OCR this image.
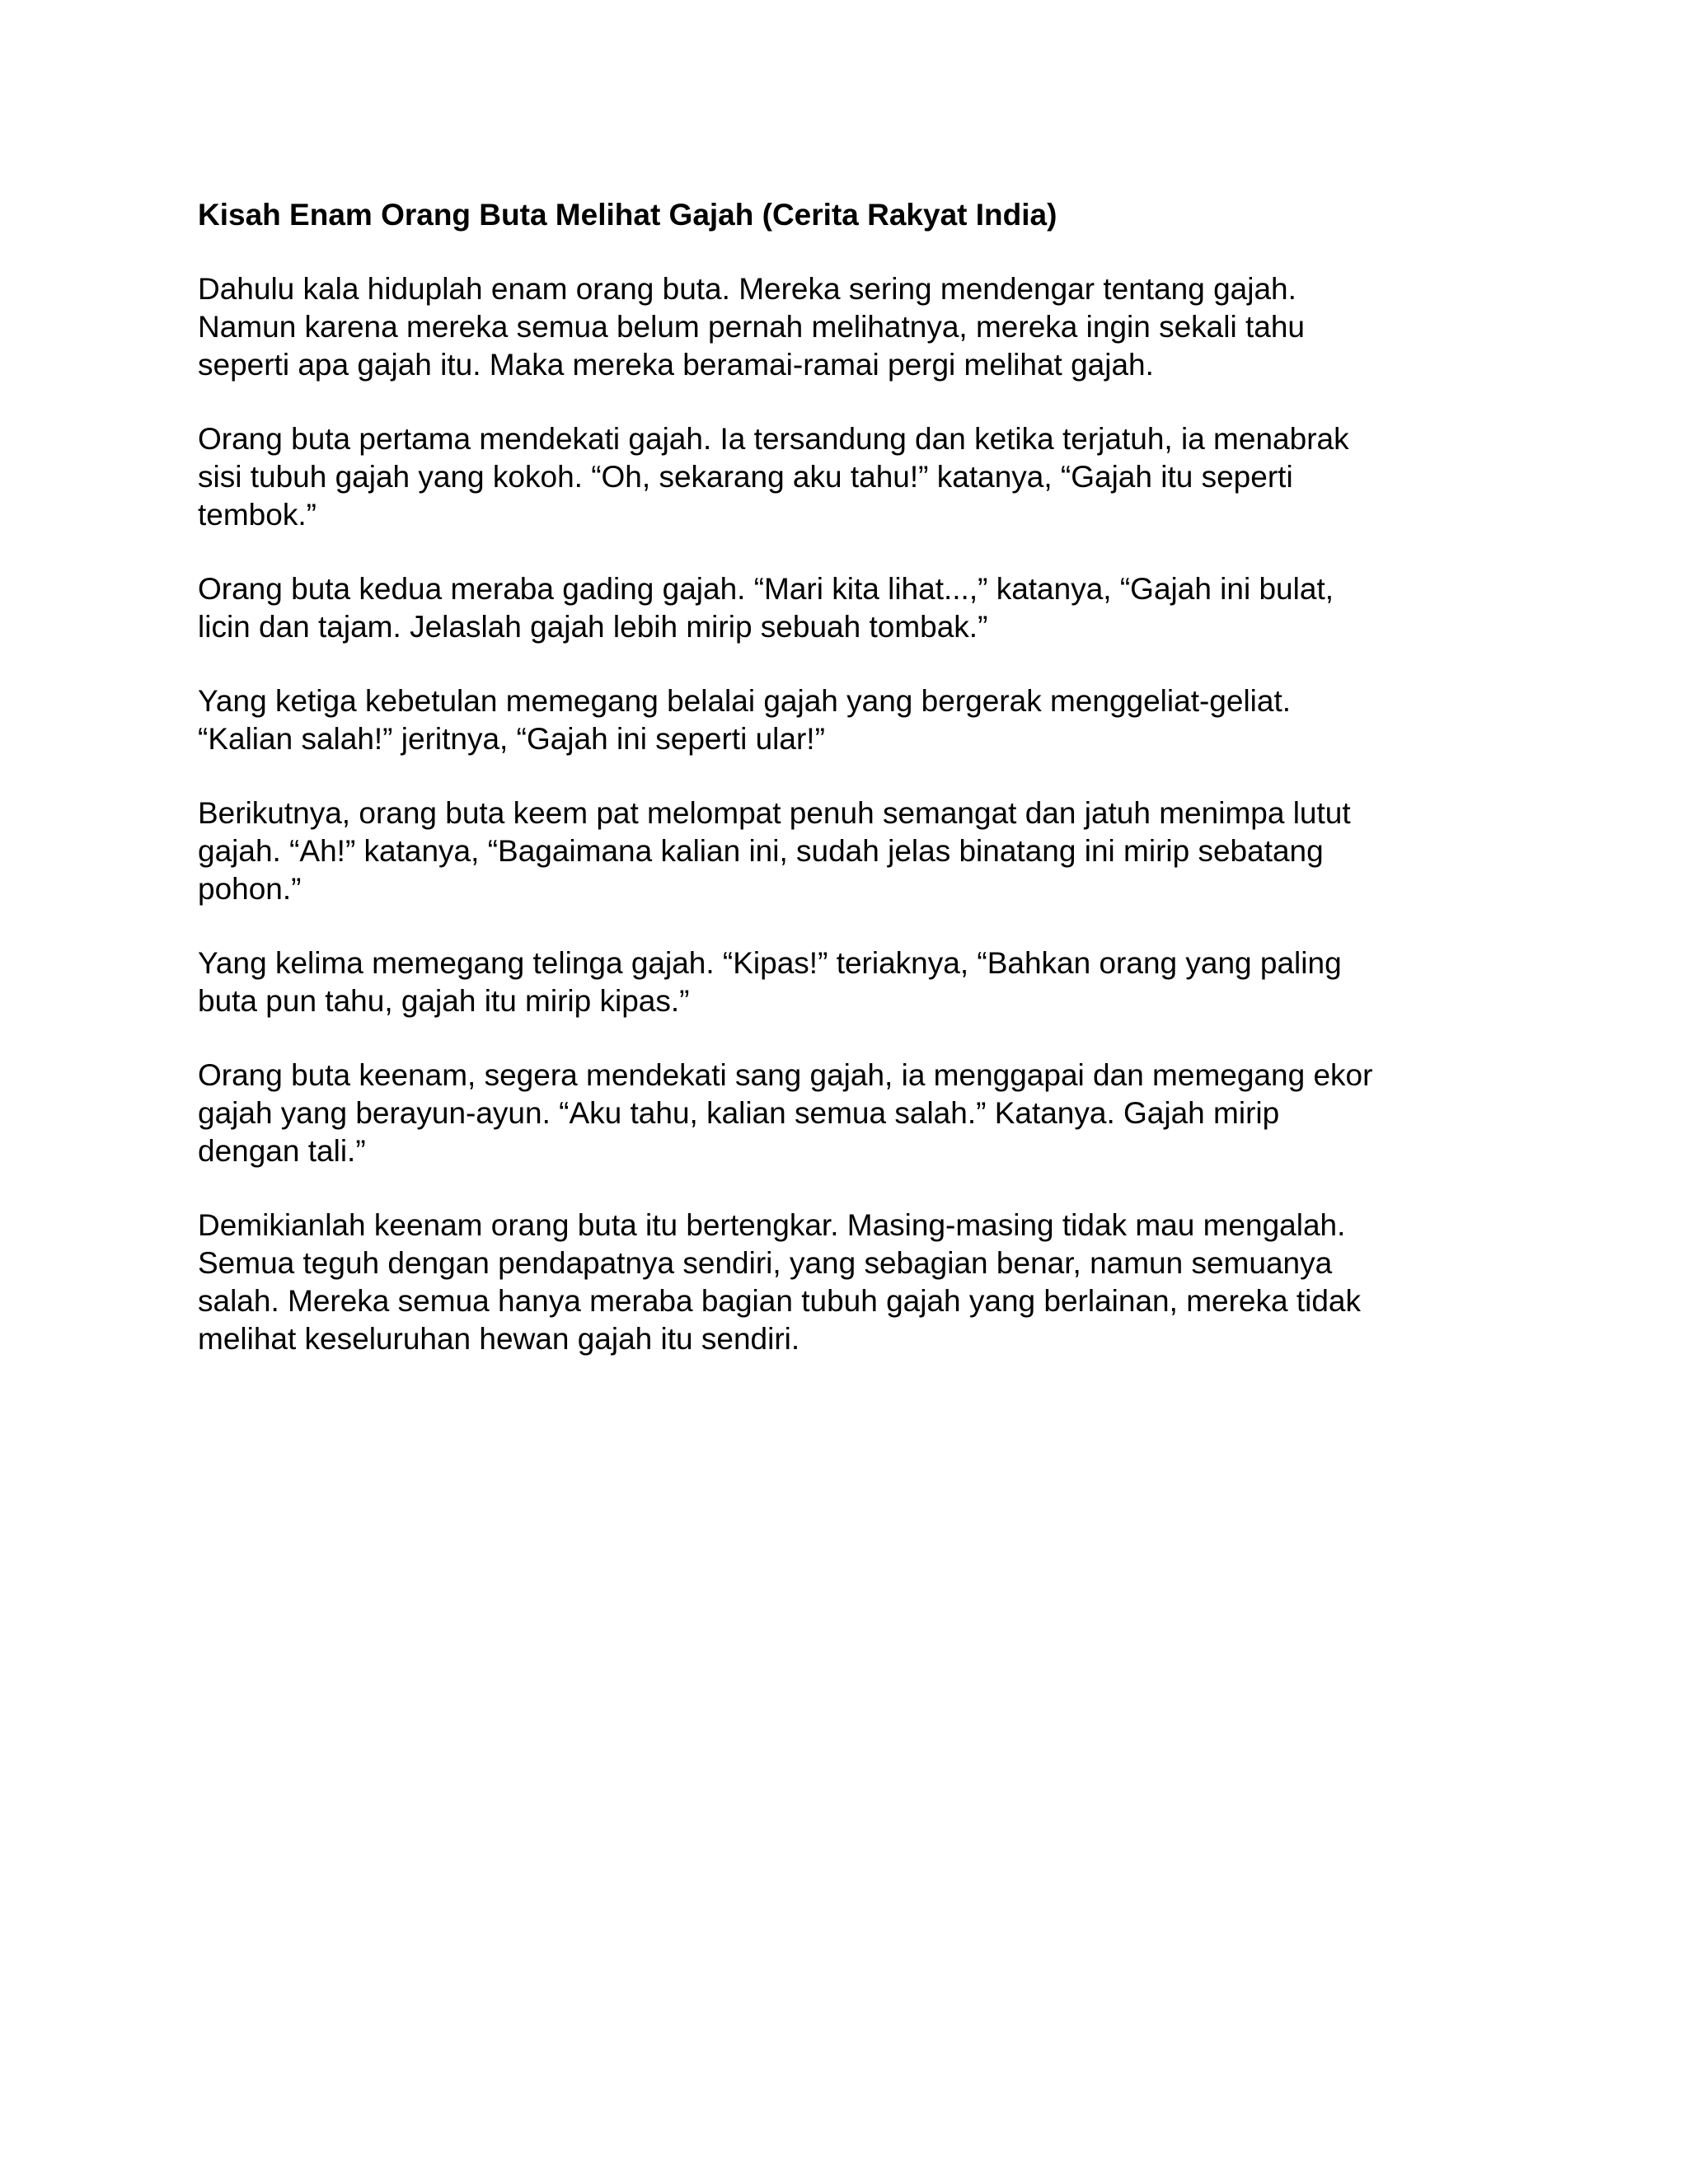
Kisah Enam Orang Buta Melihat Gajah (Cerita Rakyat India)

Dahulu kala hiduplah enam orang buta. Mereka sering mendengar tentang gajah.
Namun karena mereka semua belum pernah melihatnya, mereka ingin sekali tahu
seperti apa gajah itu. Maka mereka beramai-ramai pergi melihat gajah.

Orang buta pertama mendekati gajah. Ia tersandung dan ketika terjatuh, ia menabrak
sisi tubuh gajah yang kokoh. “Oh, sekarang aku tahu!” katanya, “Gajah itu seperti
tembok.”

Orang buta kedua meraba gading gajah. “Mari kita lihat...,” katanya, “Gajah ini bulat,
licin dan tajam. Jelaslah gajah lebih mirip sebuah tombak.”

Yang ketiga kebetulan memegang belalai gajah yang bergerak menggeliat-geliat.
“Kalian salah!” jeritnya, “Gajah ini seperti ular!”

Berikutnya, orang buta keem pat melompat penuh semangat dan jatuh menimpa lutut
gajah. “Ah!” katanya, “Bagaimana kalian ini, sudah jelas binatang ini mirip sebatang
pohon.”

Yang kelima memegang telinga gajah. “Kipas!” teriaknya, “Bahkan orang yang paling
buta pun tahu, gajah itu mirip kipas.”

Orang buta keenam, segera mendekati sang gajah, ia menggapai dan memegang ekor
gajah yang berayun-ayun. “Aku tahu, kalian semua salah.” Katanya. Gajah mirip
dengan tali.”

Demikianlah keenam orang buta itu bertengkar. Masing-masing tidak mau mengalah.
Semua teguh dengan pendapatnya sendiri, yang sebagian benar, namun semuanya
salah. Mereka semua hanya meraba bagian tubuh gajah yang berlainan, mereka tidak
melihat keseluruhan hewan gajah itu sendiri.
